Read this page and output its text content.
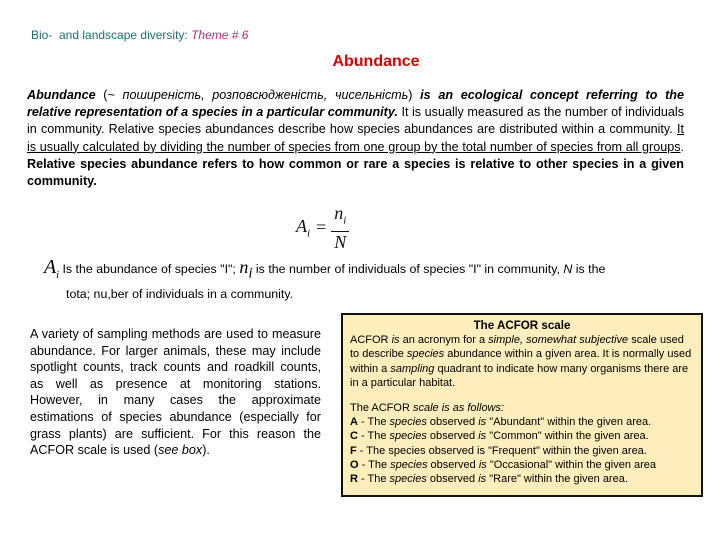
Bio-  and landscape diversity: Theme # 6
Abundance
Abundance (~ поширеність, розповсюдженість, чисельність) is an ecological concept referring to the relative representation of a species in a particular community. It is usually measured as the number of individuals in community. Relative species abundances describe how species abundances are distributed within a community. It is usually calculated by dividing the number of species from one group by the total number of species from all groups. Relative species abundance refers to how common or rare a species is relative to other species in a given community.
$A_i = \frac{n_i}{N}$
$A_i$ Is the abundance of species "I"; $n_i$ is the number of individuals of species "I" in community, N is the
tota; nu,ber of individuals in a community.
A variety of sampling methods are used to measure abundance. For larger animals, these may include spotlight counts, track counts and roadkill counts, as well as presence at monitoring stations. However, in many cases the approximate estimations of species abundance (especially for grass plants) are sufficient. For this reason the ACFOR scale is used (see box).
The ACFOR scale
ACFOR is an acronym for a simple, somewhat subjective scale used to describe species abundance within a given area. It is normally used within a sampling quadrant to indicate how many organisms there are in a particular habitat.
The ACFOR scale is as follows:
A - The species observed is "Abundant" within the given area.
C - The species observed is "Common" within the given area.
F - The species observed is "Frequent" within the given area.
O - The species observed is "Occasional" within the given area
R - The species observed is "Rare" within the given area.
